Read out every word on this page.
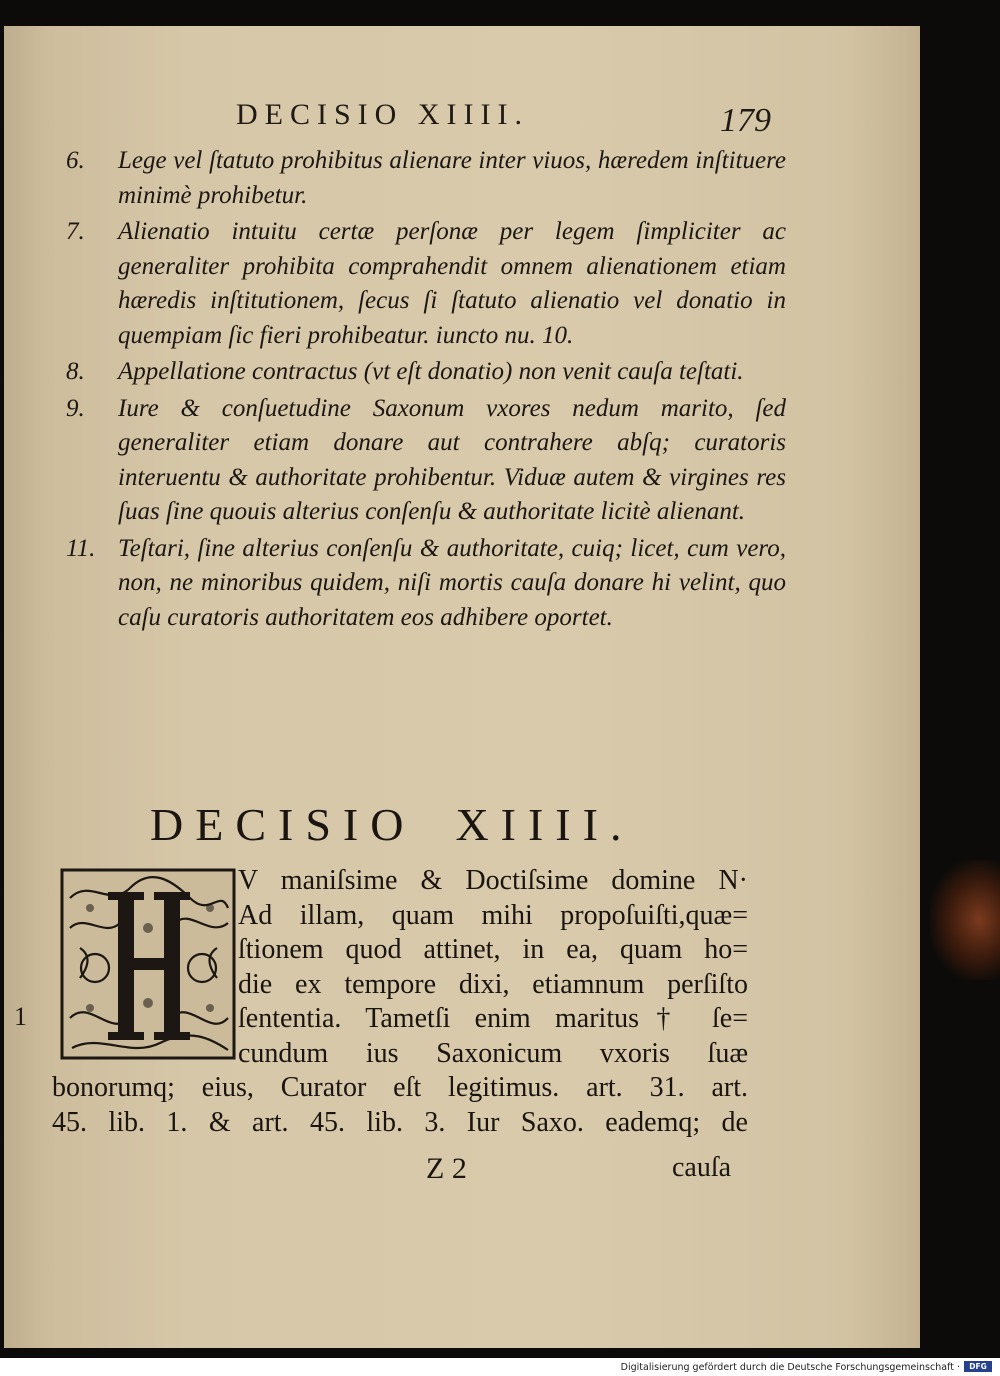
DECISIO XIIII.	179
6.	Lege vel ſtatuto prohibitus alienare inter viuos, hæredem inſtituere minimè prohibetur.
7.	Alienatio intuitu certæ perſonæ per legem ſimpliciter ac generaliter prohibita comprahendit omnem alienationem etiam hæredis inſtitutionem, ſecus ſi ſtatuto alienatio vel donatio in quempiam ſic fieri prohibeatur. iuncto nu. 10.
8.	Appellatione contractus (vt eſt donatio) non venit cauſa teſtati.
9.	Iure & conſuetudine Saxonum vxores nedum marito, ſed generaliter etiam donare aut contrahere abſq; curatoris interuentu & authoritate prohibentur. Viduæ autem & virgines res ſuas ſine quouis alterius conſenſu & authoritate licitè alienant.
11. Teſtari, ſine alterius conſenſu & authoritate, cuiq; licet, cum vero, non, ne minoribus quidem, niſi mortis cauſa donare hi velint, quo caſu curatoris authoritatem eos adhibere oportet.
DECISIO XIIII.
1
V maniſsime & Doctiſsime domine N·
Ad illam, quam mihi propoſuiſti,quæ=
ſtionem quod attinet, in ea, quam ho=
die ex tempore dixi, etiamnum perſiſto
ſententia. Tametſi enim maritus† ſe=
cundum ius Saxonicum vxoris ſuæ
bonorumq; eius, Curator eſt legitimus. art. 31. art.
45. lib. 1. & art. 45. lib. 3. Iur Saxo. eademq; de
Z 2	cauſa
Digitalisierung gefördert durch die Deutsche Forschungsgemeinschaft ·	DFG
